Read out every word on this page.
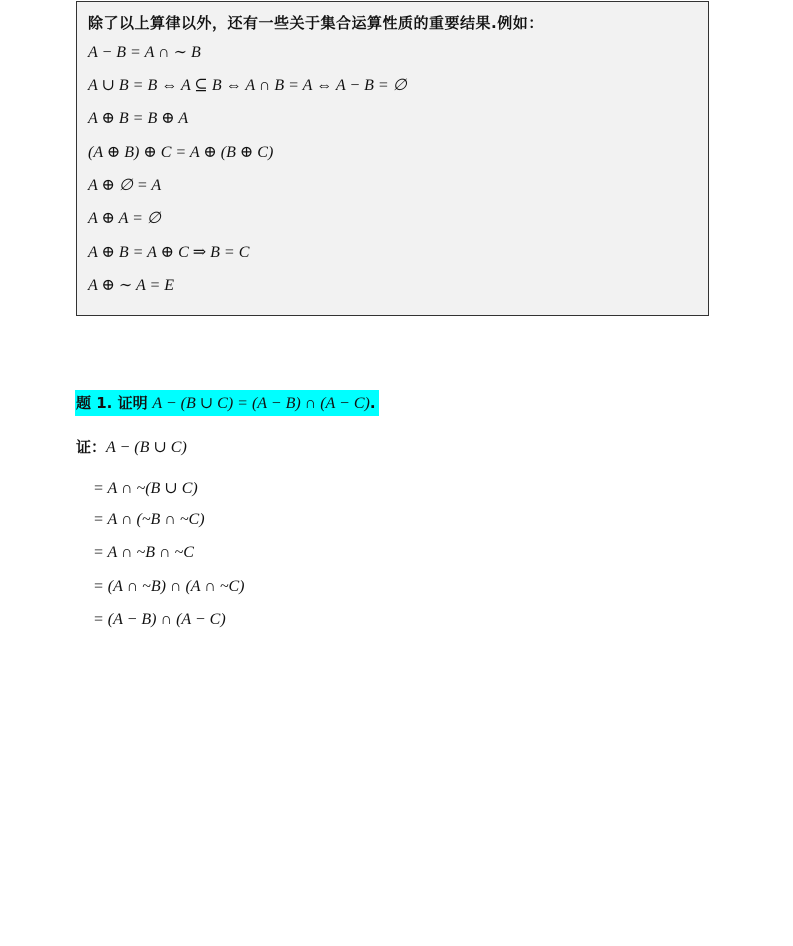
除了以上算律以外，还有一些关于集合运算性质的重要结果.例如：
A − B = A ∩ ∼ B
A ∪ B = B ⇔ A ⊆ B ⇔ A ∩ B = A ⇔ A − B = ∅
A ⊕ B = B ⊕ A
(A ⊕ B) ⊕ C = A ⊕ (B ⊕ C)
A ⊕ ∅ = A
A ⊕ A = ∅
A ⊕ B = A ⊕ C ⇒ B = C
A ⊕ ∼ A = E
题 1. 证明 A − (B ∪ C) = (A − B) ∩ (A − C).
证：A − (B ∪ C)
= A ∩ ~(B ∪ C)
= A ∩ (~B ∩ ~C)
= A ∩ ~B ∩ ~C
= (A ∩ ~B) ∩ (A ∩ ~C)
= (A − B) ∩ (A − C)
